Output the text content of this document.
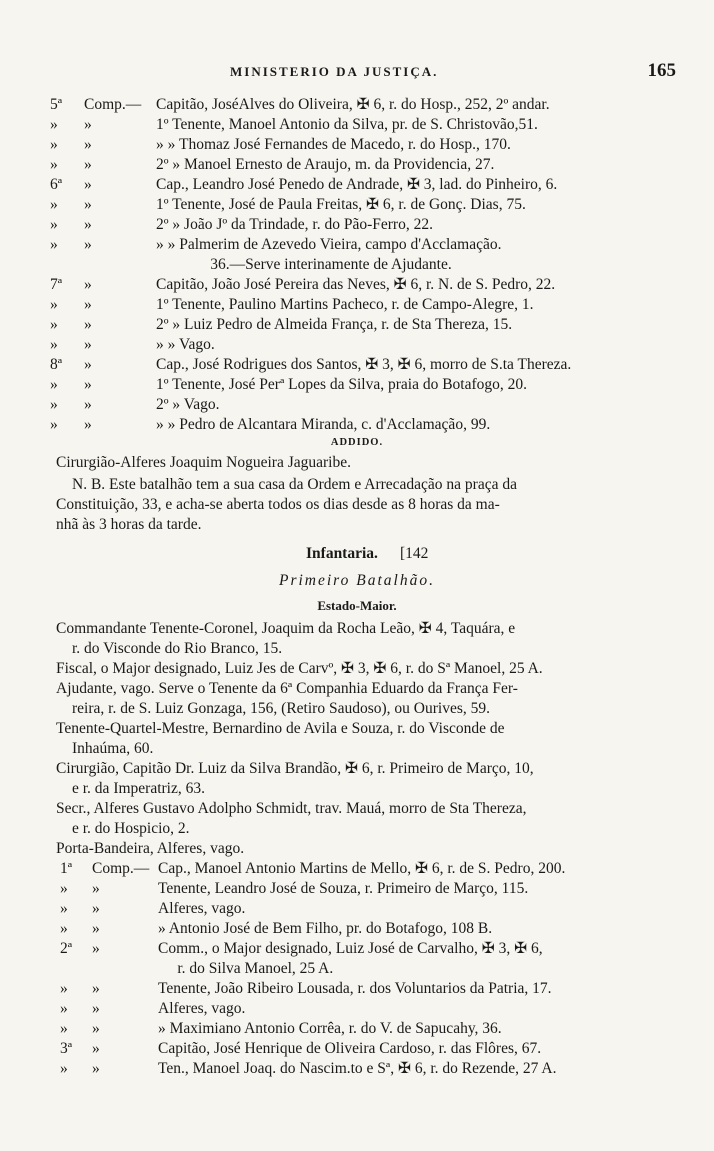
MINISTERIO DA JUSTIÇA.	165
5ª Comp.— Capitão, JoséAlves do Oliveira, ✠ 6, r. do Hosp., 252, 2º andar.
» »	1º Tenente, Manoel Antonio da Silva, pr. de S. Christovão,51.
» »	» » Thomaz José Fernandes de Macedo, r. do Hosp., 170.
» »	2º » Manoel Ernesto de Araujo, m. da Providencia, 27.
6ª »	Cap., Leandro José Penedo de Andrade, ✠ 3, lad. do Pinheiro, 6.
» »	1º Tenente, José de Paula Freitas, ✠ 6, r. de Gonç. Dias, 75.
» »	2º » João Jº da Trindade, r. do Pão-Ferro, 22.
» »	» » Palmerim de Azevedo Vieira, campo d'Acclamação.
36.—Serve interinamente de Ajudante.
7ª »	Capitão, João José Pereira das Neves, ✠ 6, r. N. de S. Pedro, 22.
» »	1º Tenente, Paulino Martins Pacheco, r. de Campo-Alegre, 1.
» »	2º » Luiz Pedro de Almeida França, r. de Sta Thereza, 15.
» »	» » Vago.
8ª »	Cap., José Rodrigues dos Santos, ✠ 3, ✠ 6, morro de S.ta Thereza.
» »	1º Tenente, José Perª Lopes da Silva, praia do Botafogo, 20.
» »	2º » Vago.
» »	» » Pedro de Alcantara Miranda, c. d'Acclamação, 99.
ADDIDO.
Cirurgião-Alferes Joaquim Nogueira Jaguaribe.
N. B. Este batalhão tem a sua casa da Ordem e Arrecadação na praça da
Constituição, 33, e acha-se aberta todos os dias desde as 8 horas da ma-
nhã às 3 horas da tarde.
Infantaria. [142
Primeiro Batalhão.
Estado-Maior.
Commandante Tenente-Coronel, Joaquim da Rocha Leão, ✠ 4, Taquára, e
r. do Visconde do Rio Branco, 15.
Fiscal, o Major designado, Luiz Jes de Carvº, ✠ 3, ✠ 6, r. do Sª Manoel, 25 A.
Ajudante, vago. Serve o Tenente da 6ª Companhia Eduardo da França Fer-
reira, r. de S. Luiz Gonzaga, 156, (Retiro Saudoso), ou Ourives, 59.
Tenente-Quartel-Mestre, Bernardino de Avila e Souza, r. do Visconde de
Inhaúma, 60.
Cirurgião, Capitão Dr. Luiz da Silva Brandão, ✠ 6, r. Primeiro de Março, 10,
e r. da Imperatriz, 63.
Secr., Alferes Gustavo Adolpho Schmidt, trav. Mauá, morro de Sta Thereza,
e r. do Hospicio, 2.
Porta-Bandeira, Alferes, vago.
1ª Comp.— Cap., Manoel Antonio Martins de Mello, ✠ 6, r. de S. Pedro, 200.
» »	Tenente, Leandro José de Souza, r. Primeiro de Março, 115.
» »	Alferes, vago.
» »	» Antonio José de Bem Filho, pr. do Botafogo, 108 B.
2ª »	Comm., o Major designado, Luiz José de Carvalho, ✠ 3, ✠ 6,
r. do Silva Manoel, 25 A.
» »	Tenente, João Ribeiro Lousada, r. dos Voluntarios da Patria, 17.
» »	Alferes, vago.
» »	» Maximiano Antonio Corrêa, r. do V. de Sapucahy, 36.
3ª »	Capitão, José Henrique de Oliveira Cardoso, r. das Flôres, 67.
» »	Ten., Manoel Joaq. do Nascim.to e Sª, ✠ 6, r. do Rezende, 27 A.
